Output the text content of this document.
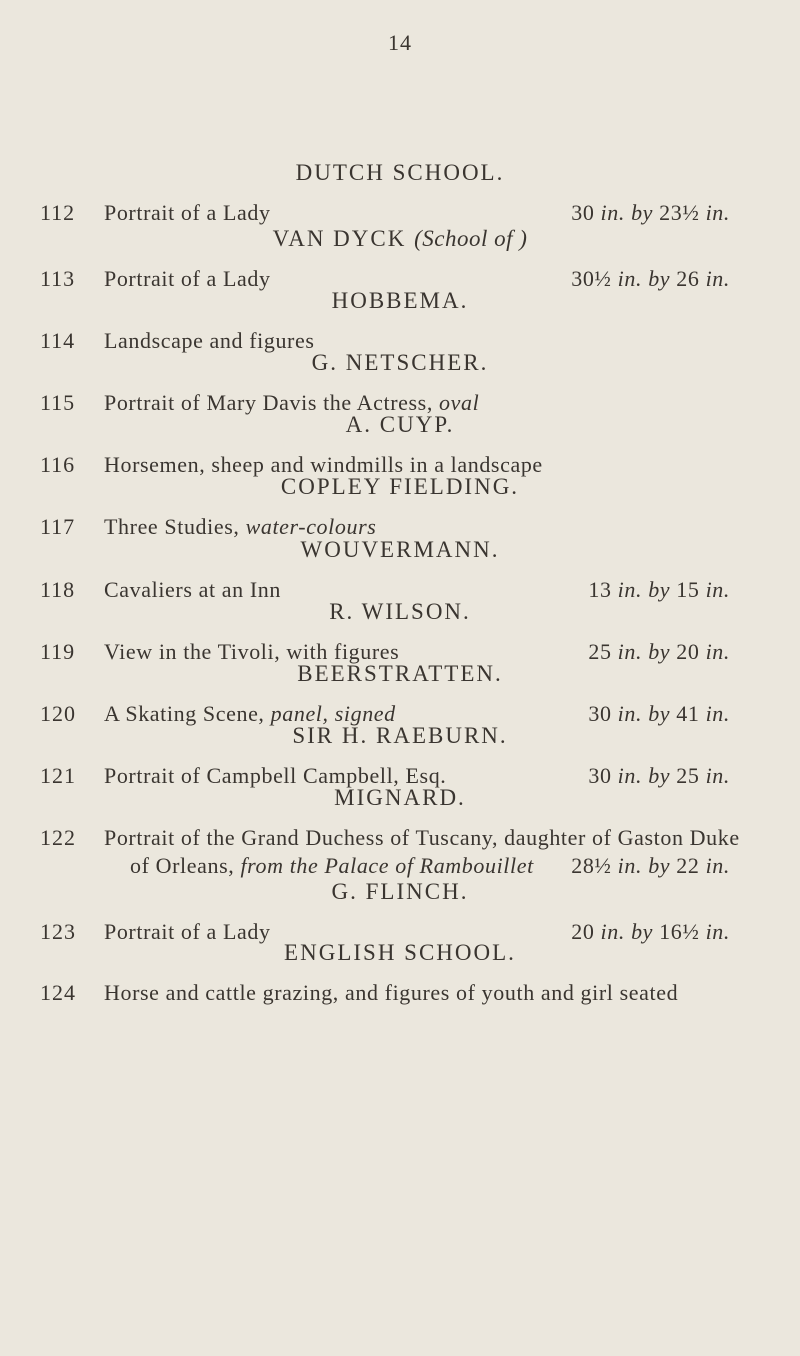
14
DUTCH SCHOOL.
112 Portrait of a Lady	30 in. by 23½ in.
VAN DYCK (School of )
113 Portrait of a Lady	30½ in. by 26 in.
HOBBEMA.
114 Landscape and figures
G. NETSCHER.
115 Portrait of Mary Davis the Actress, oval
A. CUYP.
116 Horsemen, sheep and windmills in a landscape
COPLEY FIELDING.
117 Three Studies, water-colours
WOUVERMANN.
118 Cavaliers at an Inn	13 in. by 15 in.
R. WILSON.
119 View in the Tivoli, with figures	25 in. by 20 in.
BEERSTRATTEN.
120 A Skating Scene, panel, signed	30 in. by 41 in.
SIR H. RAEBURN.
121 Portrait of Campbell Campbell, Esq.	30 in. by 25 in.
MIGNARD.
122 Portrait of the Grand Duchess of Tuscany, daughter of Gaston Duke
of Orleans, from the Palace of Rambouillet 28½ in. by 22 in.
G. FLINCH.
123 Portrait of a Lady	20 in. by 16½ in.
ENGLISH SCHOOL.
124 Horse and cattle grazing, and figures of youth and girl seated
